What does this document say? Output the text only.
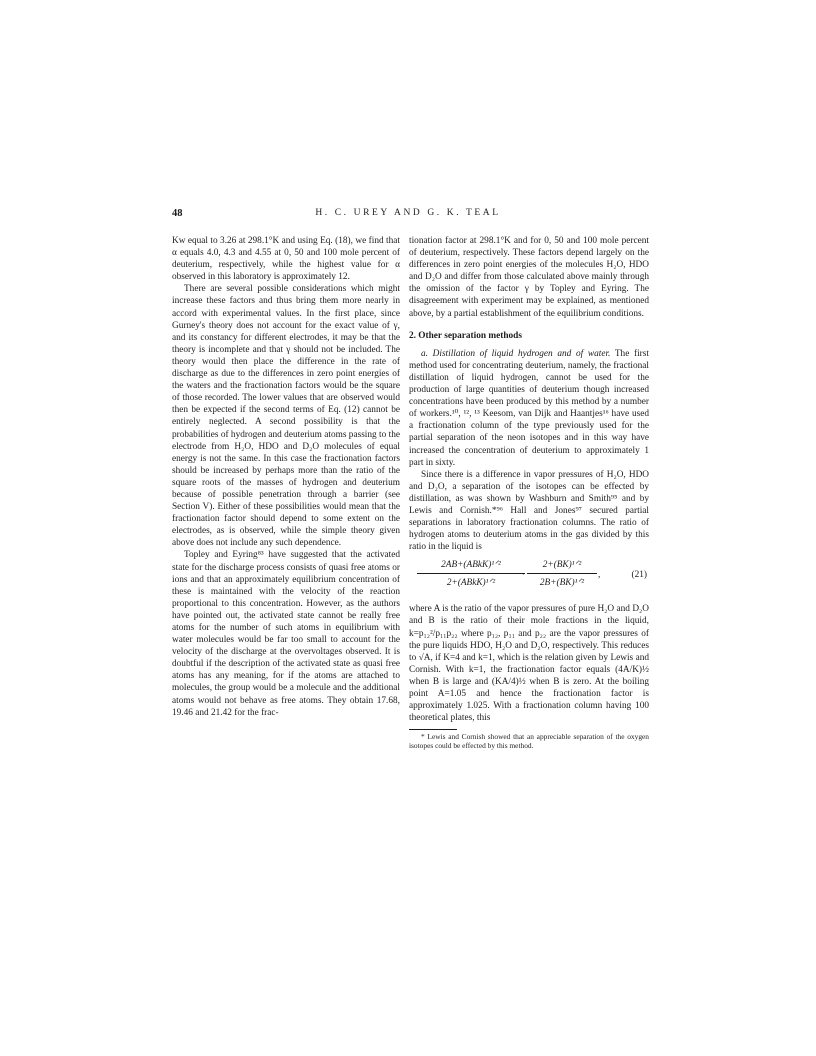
48	H. C. UREY AND G. K. TEAL

Kw equal to 3.26 at 298.1°K and using Eq. (18), we find that α equals 4.0, 4.3 and 4.55 at 0, 50 and 100 mole percent of deuterium, respectively, while the highest value for α observed in this laboratory is approximately 12.

There are several possible considerations which might increase these factors and thus bring them more nearly in accord with experimental values. In the first place, since Gurney's theory does not account for the exact value of γ, and its constancy for different electrodes, it may be that the theory is incomplete and that γ should not be included. The theory would then place the difference in the rate of discharge as due to the differences in zero point energies of the waters and the fractionation factors would be the square of those recorded. The lower values that are observed would then be expected if the second terms of Eq. (12) cannot be entirely neglected. A second possibility is that the probabilities of hydrogen and deuterium atoms passing to the electrode from H₂O, HDO and D₂O molecules of equal energy is not the same. In this case the fractionation factors should be increased by perhaps more than the ratio of the square roots of the masses of hydrogen and deuterium because of possible penetration through a barrier (see Section V). Either of these possibilities would mean that the fractionation factor should depend to some extent on the electrodes, as is observed, while the simple theory given above does not include any such dependence.

Topley and Eyring⁸³ have suggested that the activated state for the discharge process consists of quasi free atoms or ions and that an approximately equilibrium concentration of these is maintained with the velocity of the reaction proportional to this concentration. However, as the authors have pointed out, the activated state cannot be really free atoms for the number of such atoms in equilibrium with water molecules would be far too small to account for the velocity of the discharge at the overvoltages observed. It is doubtful if the description of the activated state as quasi free atoms has any meaning, for if the atoms are attached to molecules, the group would be a molecule and the additional atoms would not behave as free atoms. They obtain 17.68, 19.46 and 21.42 for the frac-

tionation factor at 298.1°K and for 0, 50 and 100 mole percent of deuterium, respectively. These factors depend largely on the differences in zero point energies of the molecules H₂O, HDO and D₂O and differ from those calculated above mainly through the omission of the factor γ by Topley and Eyring. The disagreement with experiment may be explained, as mentioned above, by a partial establishment of the equilibrium conditions.

2. Other separation methods

a. Distillation of liquid hydrogen and of water. The first method used for concentrating deuterium, namely, the fractional distillation of liquid hydrogen, cannot be used for the production of large quantities of deuterium though increased concentrations have been produced by this method by a number of workers.¹⁰, ¹², ¹³ Keesom, van Dijk and Haantjes¹⁶ have used a fractionation column of the type previously used for the partial separation of the neon isotopes and in this way have increased the concentration of deuterium to approximately 1 part in sixty.

Since there is a difference in vapor pressures of H₂O, HDO and D₂O, a separation of the isotopes can be effected by distillation, as was shown by Washburn and Smith⁹⁵ and by Lewis and Cornish.*⁹⁶ Hall and Jones⁹⁷ secured partial separations in laboratory fractionation columns. The ratio of hydrogen atoms to deuterium atoms in the gas divided by this ratio in the liquid is

2AB+(ABkK)¹ᐟ²
2+(ABkK)¹ᐟ²
·
2+(BK)¹ᐟ²
2B+(BK)¹ᐟ²
,	(21)

where A is the ratio of the vapor pressures of pure H₂O and D₂O and B is the ratio of their mole fractions in the liquid, k=p₁₂²/p₁₁p₂₂ where p₁₂, p₁₁ and p₂₂ are the vapor pressures of the pure liquids HDO, H₂O and D₂O, respectively. This reduces to √A, if K=4 and k=1, which is the relation given by Lewis and Cornish. With k=1, the fractionation factor equals (4A/K)½ when B is large and (KA/4)½ when B is zero. At the boiling point A=1.05 and hence the fractionation factor is approximately 1.025. With a fractionation column having 100 theoretical plates, this

* Lewis and Cornish showed that an appreciable separation of the oxygen isotopes could be effected by this method.
